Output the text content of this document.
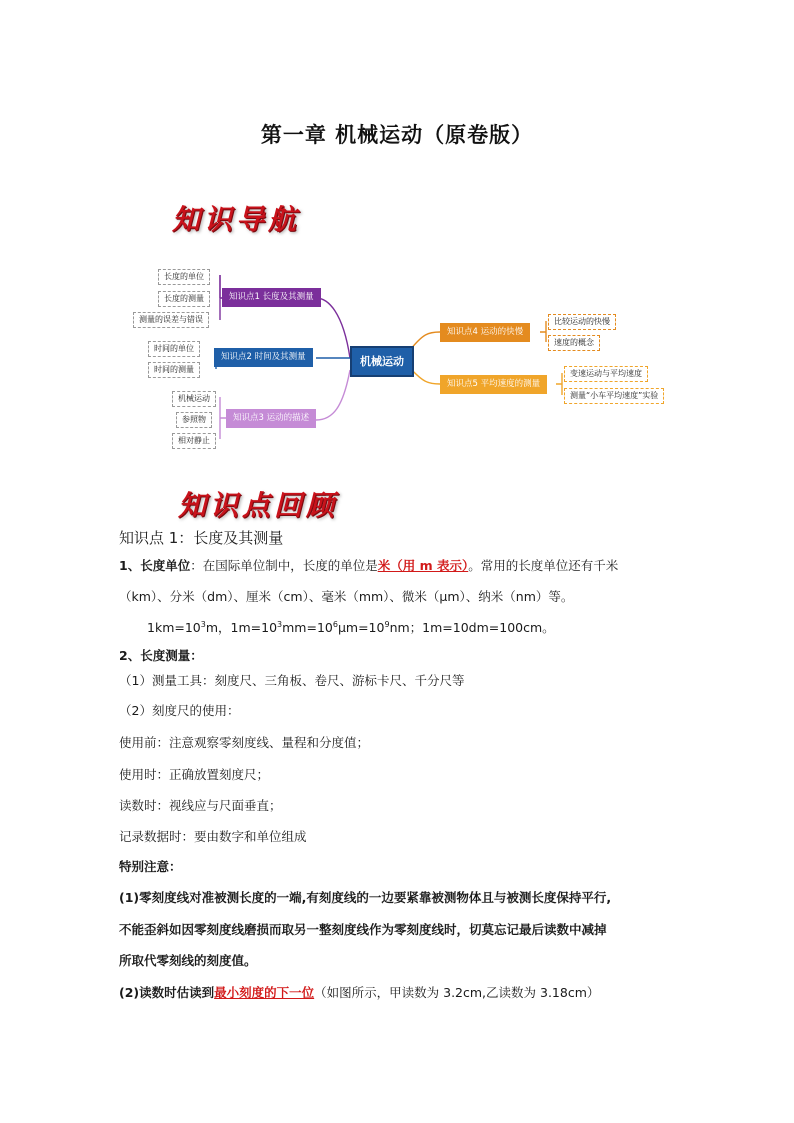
第一章 机械运动（原卷版）
知识导航
长度的单位
长度的测量
测量的误差与错误
知识点1 长度及其测量
时间的单位
时间的测量
知识点2 时间及其测量	机械运动
机械运动
参照物
相对静止
知识点3 运动的描述
知识点4 运动的快慢
比较运动的快慢
速度的概念
知识点5 平均速度的测量
变速运动与平均速度
测量“小车平均速度”实验
知识点回顾
知识点 1：长度及其测量
1、长度单位：在国际单位制中，长度的单位是米（用 m 表示）。常用的长度单位还有千米
（km）、分米（dm）、厘米（cm）、毫米（mm）、微米（μm）、纳米（nm）等。
$1km=10^3m$，$1m=10^3mm=10^6\mu m=10^9nm$；1m=10dm=100cm。
2、长度测量：
（1）测量工具：刻度尺、三角板、卷尺、游标卡尺、千分尺等
（2）刻度尺的使用：
使用前：注意观察零刻度线、量程和分度值；
使用时：正确放置刻度尺；
读数时：视线应与尺面垂直；
记录数据时：要由数字和单位组成
特别注意：
(1)零刻度线对准被测长度的一端,有刻度线的一边要紧靠被测物体且与被测长度保持平行,
不能歪斜如因零刻度线磨损而取另一整刻度线作为零刻度线时，切莫忘记最后读数中减掉
所取代零刻线的刻度值。
(2)读数时估读到最小刻度的下一位（如图所示，甲读数为 3.2cm,乙读数为 3.18cm）
